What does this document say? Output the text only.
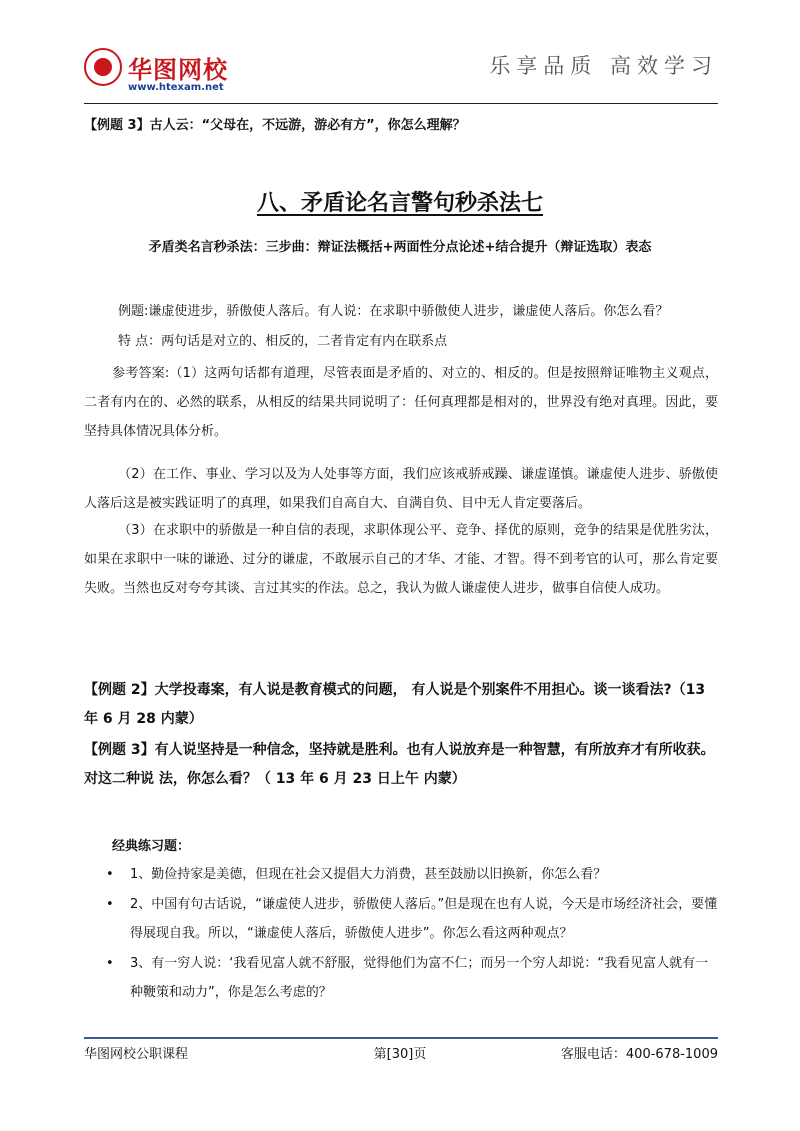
华图网校
www.htexam.net
乐享品质 高效学习
【例题 3】古人云：“父母在，不远游，游必有方”，你怎么理解？
八、矛盾论名言警句秒杀法七
矛盾类名言秒杀法：三步曲：辩证法概括+两面性分点论述+结合提升（辩证选取）表态
例题:谦虚使进步，骄傲使人落后。有人说：在求职中骄傲使人进步，谦虚使人落后。你怎么看？
特 点：两句话是对立的、相反的，二者肯定有内在联系点
参考答案:（1）这两句话都有道理，尽管表面是矛盾的、对立的、相反的。但是按照辩证唯物主义观点，二者有内在的、必然的联系，从相反的结果共同说明了：任何真理都是相对的，世界没有绝对真理。因此，要坚持具体情况具体分析。
（2）在工作、事业、学习以及为人处事等方面，我们应该戒骄戒躁、谦虚谨慎。谦虚使人进步、骄傲使人落后这是被实践证明了的真理，如果我们自高自大、自满自负、目中无人肯定要落后。
（3）在求职中的骄傲是一种自信的表现，求职体现公平、竞争、择优的原则，竞争的结果是优胜劣汰，如果在求职中一味的谦逊、过分的谦虚，不敢展示自己的才华、才能、才智。得不到考官的认可，那么肯定要失败。当然也反对夸夸其谈、言过其实的作法。总之，我认为做人谦虚使人进步，做事自信使人成功。
【例题 2】大学投毒案，有人说是教育模式的问题， 有人说是个别案件不用担心。谈一谈看法?（13 年 6 月 28 内蒙）
【例题 3】有人说坚持是一种信念，坚持就是胜利。也有人说放弃是一种智慧，有所放弃才有所收获。对这二种说 法，你怎么看？（ 13 年 6 月 23 日上午 内蒙）
经典练习题：
• 1、勤俭持家是美德，但现在社会又提倡大力消费，甚至鼓励以旧换新，你怎么看？
• 2、中国有句古话说，“谦虚使人进步，骄傲使人落后。”但是现在也有人说，今天是市场经济社会，要懂得展现自我。所以，“谦虚使人落后，骄傲使人进步”。你怎么看这两种观点？
• 3、有一穷人说：‘我看见富人就不舒服，觉得他们为富不仁；而另一个穷人却说：“我看见富人就有一种鞭策和动力”，你是怎么考虑的？
华图网校公职课程	第[30]页	客服电话：400-678-1009
